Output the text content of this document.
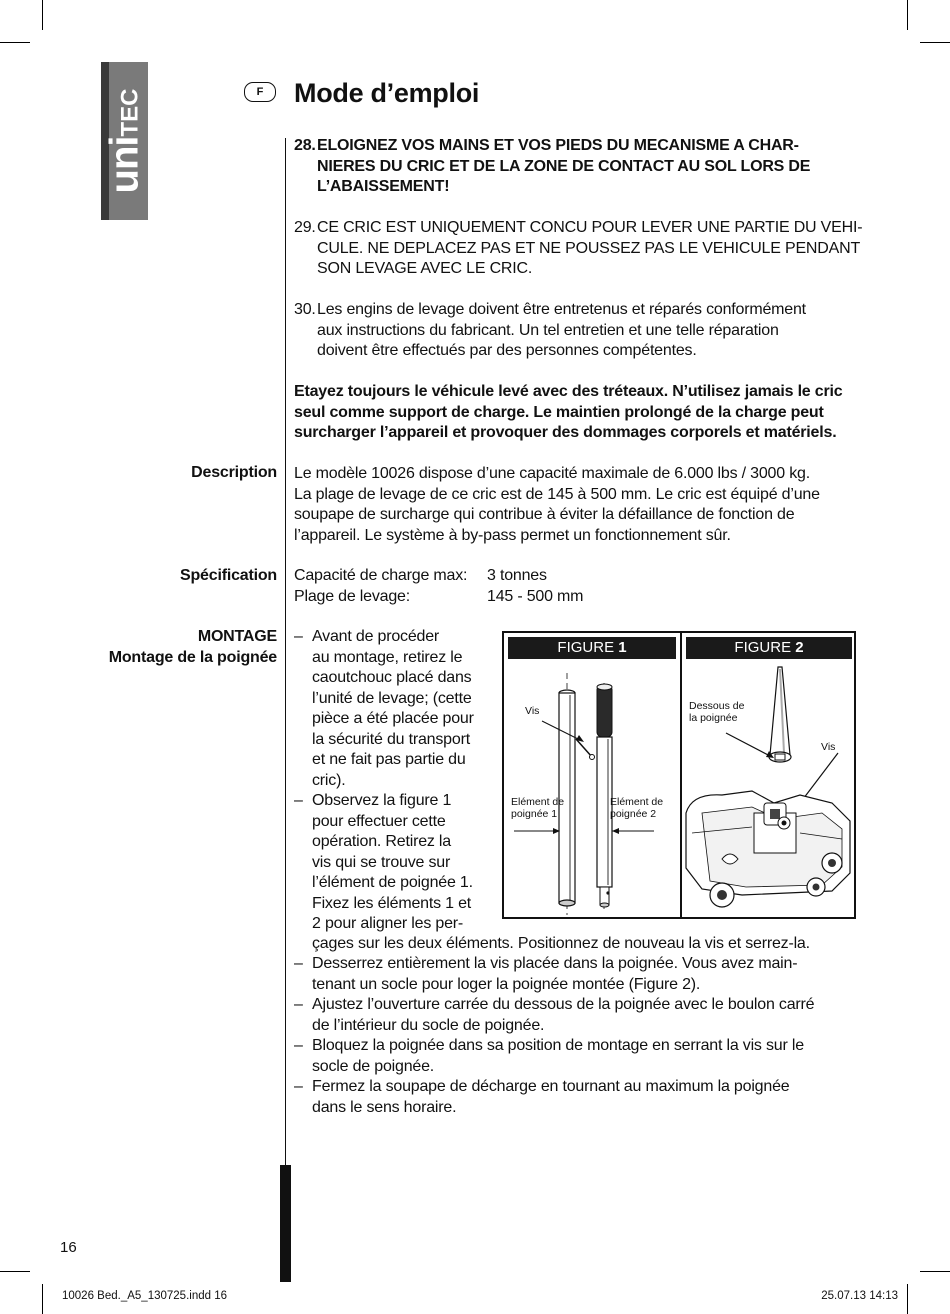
uniTEC	F	Mode d’emploi
28. ELOIGNEZ VOS MAINS ET VOS PIEDS DU MECANISME A CHAR-
NIERES DU CRIC ET DE LA ZONE DE CONTACT AU SOL LORS DE
L’ABAISSEMENT!
29. CE CRIC EST UNIQUEMENT CONCU POUR LEVER UNE PARTIE DU VEHI-
CULE. NE DEPLACEZ PAS ET NE POUSSEZ PAS LE VEHICULE PENDANT
SON LEVAGE AVEC LE CRIC.
30. Les engins de levage doivent être entretenus et réparés conformément
aux instructions du fabricant. Un tel entretien et une telle réparation
doivent être effectués par des personnes compétentes.
Etayez toujours le véhicule levé avec des tréteaux. N’utilisez jamais le cric
seul comme support de charge. Le maintien prolongé de la charge peut
surcharger l’appareil et provoquer des dommages corporels et matériels.
Description Le modèle 10026 dispose d’une capacité maximale de 6.000 lbs / 3000 kg.
La plage de levage de ce cric est de 145 à 500 mm. Le cric est équipé d’une
soupape de surcharge qui contribue à éviter la défaillance de fonction de
l’appareil. Le système à by-pass permet un fonctionnement sûr.
Spécification Capacité de charge max: 3 tonnes
Plage de levage:	145 - 500 mm
MONTAGE
Montage de la poignée
– Avant de procéder
au montage, retirez le
caoutchouc placé dans
l’unité de levage; (cette
pièce a été placée pour
la sécurité du transport
et ne fait pas partie du
cric).
– Observez la figure 1
pour effectuer cette
opération. Retirez la
vis qui se trouve sur
l’élément de poignée 1.
Fixez les éléments 1 et
2 pour aligner les per-
çages sur les deux éléments. Positionnez de nouveau la vis et serrez-la.
– Desserrez entièrement la vis placée dans la poignée. Vous avez main-
tenant un socle pour loger la poignée montée (Figure 2).
– Ajustez l’ouverture carrée du dessous de la poignée avec le boulon carré
de l’intérieur du socle de poignée.
– Bloquez la poignée dans sa position de montage en serrant la vis sur le
socle de poignée.
– Fermez la soupape de décharge en tournant au maximum la poignée
dans le sens horaire.
FIGURE 1	FIGURE 2
Vis
Elément de
poignée 1
Elément de
poignée 2
Dessous de
la poignée
Vis
16
10026 Bed._A5_130725.indd 16	25.07.13 14:13
